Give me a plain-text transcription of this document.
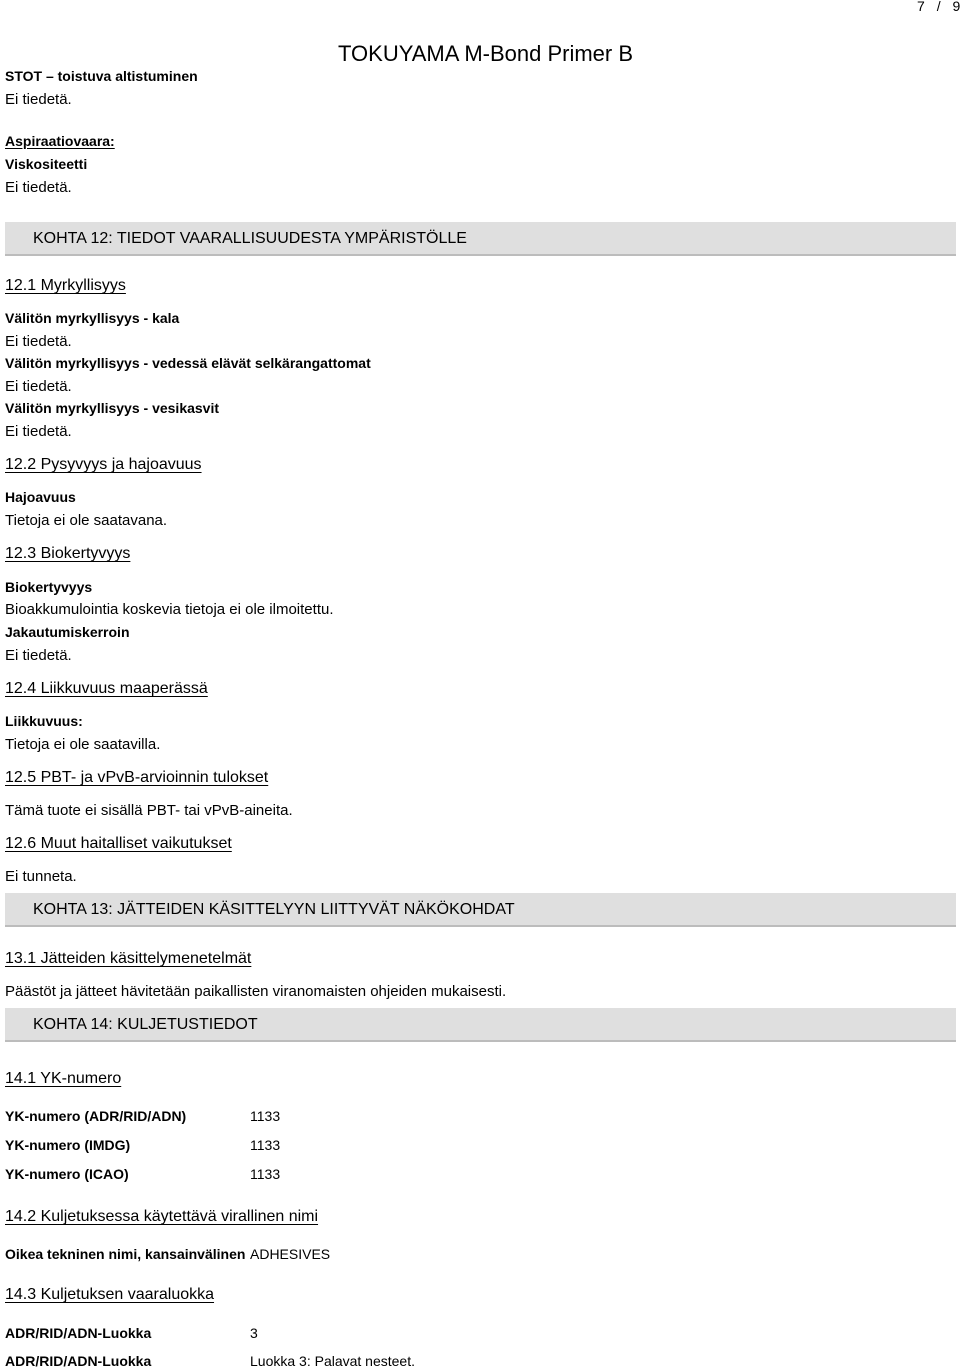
7 / 9
TOKUYAMA M-Bond Primer B
STOT – toistuva altistuminen
Ei tiedetä.
Aspiraatiovaara:
Viskositeetti
Ei tiedetä.
KOHTA 12: TIEDOT VAARALLISUUDESTA YMPÄRISTÖLLE
12.1 Myrkyllisyys
Välitön myrkyllisyys - kala
Ei tiedetä.
Välitön myrkyllisyys - vedessä elävät selkärangattomat
Ei tiedetä.
Välitön myrkyllisyys - vesikasvit
Ei tiedetä.
12.2 Pysyvyys ja hajoavuus
Hajoavuus
Tietoja ei ole saatavana.
12.3 Biokertyvyys
Biokertyvyys
Bioakkumulointia koskevia tietoja ei ole ilmoitettu.
Jakautumiskerroin
Ei tiedetä.
12.4 Liikkuvuus maaperässä
Liikkuvuus:
Tietoja ei ole saatavilla.
12.5 PBT- ja vPvB-arvioinnin tulokset
Tämä tuote ei sisällä PBT- tai vPvB-aineita.
12.6 Muut haitalliset vaikutukset
Ei tunneta.
KOHTA 13: JÄTTEIDEN KÄSITTELYYN LIITTYVÄT NÄKÖKOHDAT
13.1 Jätteiden käsittelymenetelmät
Päästöt ja jätteet hävitetään paikallisten viranomaisten ohjeiden mukaisesti.
KOHTA 14: KULJETUSTIEDOT
14.1 YK-numero
YK-numero (ADR/RID/ADN)	1133
YK-numero (IMDG)	1133
YK-numero (ICAO)	1133
14.2 Kuljetuksessa käytettävä virallinen nimi
Oikea tekninen nimi, kansainvälinen ADHESIVES
14.3 Kuljetuksen vaaraluokka
ADR/RID/ADN-Luokka	3
ADR/RID/ADN-Luokka	Luokka 3: Palavat nesteet.
